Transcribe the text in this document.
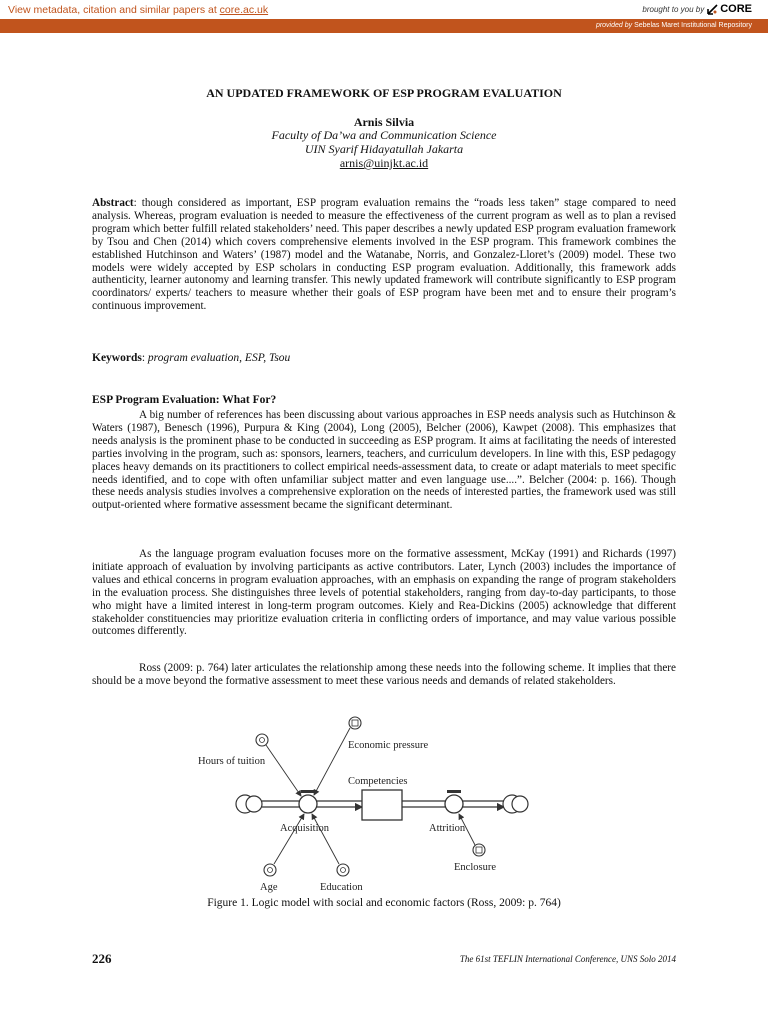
View metadata, citation and similar papers at core.ac.uk	brought to you by CORE
provided by Sebelas Maret Institutional Repository
AN UPDATED FRAMEWORK OF ESP PROGRAM EVALUATION
Arnis Silvia
Faculty of Da’wa and Communication Science
UIN Syarif Hidayatullah Jakarta
arnis@uinjkt.ac.id

Abstract: though considered as important, ESP program evaluation remains the “roads less taken” stage compared to need analysis. Whereas, program evaluation is needed to measure the effectiveness of the current program as well as to plan a revised program which better fulfill related stakeholders’ need. This paper describes a newly updated ESP program evaluation framework by Tsou and Chen (2014) which covers comprehensive elements involved in the ESP program. This framework combines the established Hutchinson and Waters’ (1987) model and the Watanabe, Norris, and Gonzalez-Lloret’s (2009) model. These two models were widely accepted by ESP scholars in conducting ESP program evaluation. Additionally, this framework adds authenticity, learner autonomy and learning transfer. This newly updated framework will contribute significantly to ESP program coordinators/ experts/ teachers to measure whether their goals of ESP program have been met and to ensure their program’s continuous improvement.

Keywords: program evaluation, ESP, Tsou
ESP Program Evaluation: What For?

A big number of references has been discussing about various approaches in ESP needs analysis such as Hutchinson & Waters (1987), Benesch (1996), Purpura & King (2004), Long (2005), Belcher (2006), Kawpet (2008). This emphasizes that needs analysis is the prominent phase to be conducted in succeeding as ESP program. It aims at facilitating the needs of interested parties involving in the program, such as: sponsors, learners, teachers, and curriculum developers. In line with this, ESP pedagogy places heavy demands on its practitioners to collect empirical needs-assessment data, to create or adapt materials to meet specific needs identified, and to cope with often unfamiliar subject matter and even language use....”. Belcher (2004: p. 166). Though these needs analysis studies involves a comprehensive exploration on the needs of interested parties, the framework used was still output-oriented where formative assessment became the significant determinant.

As the language program evaluation focuses more on the formative assessment, McKay (1991) and Richards (1997) initiate approach of evaluation by involving participants as active contributors. Later, Lynch (2003) includes the importance of values and ethical concerns in program evaluation approaches, with an emphasis on expanding the range of program stakeholders in the evaluation process. She distinguishes three levels of potential stakeholders, ranging from day-to-day participants, to those who might have a limited interest in long-term program outcomes. Kiely and Rea-Dickins (2005) acknowledge that different stakeholder constituencies may prioritize evaluation criteria in conflicting orders of importance, and may value various possible outcomes differently.

Ross (2009: p. 764) later articulates the relationship among these needs into the following scheme. It implies that there should be a move beyond the formative assessment to meet these various needs and demands of related stakeholders.

Hours of tuition
Economic pressure
Competencies
Acquisition	Attrition
Enclosure
Age	Education
Figure 1. Logic model with social and economic factors (Ross, 2009: p. 764)
226	The 61st TEFLIN International Conference, UNS Solo 2014
